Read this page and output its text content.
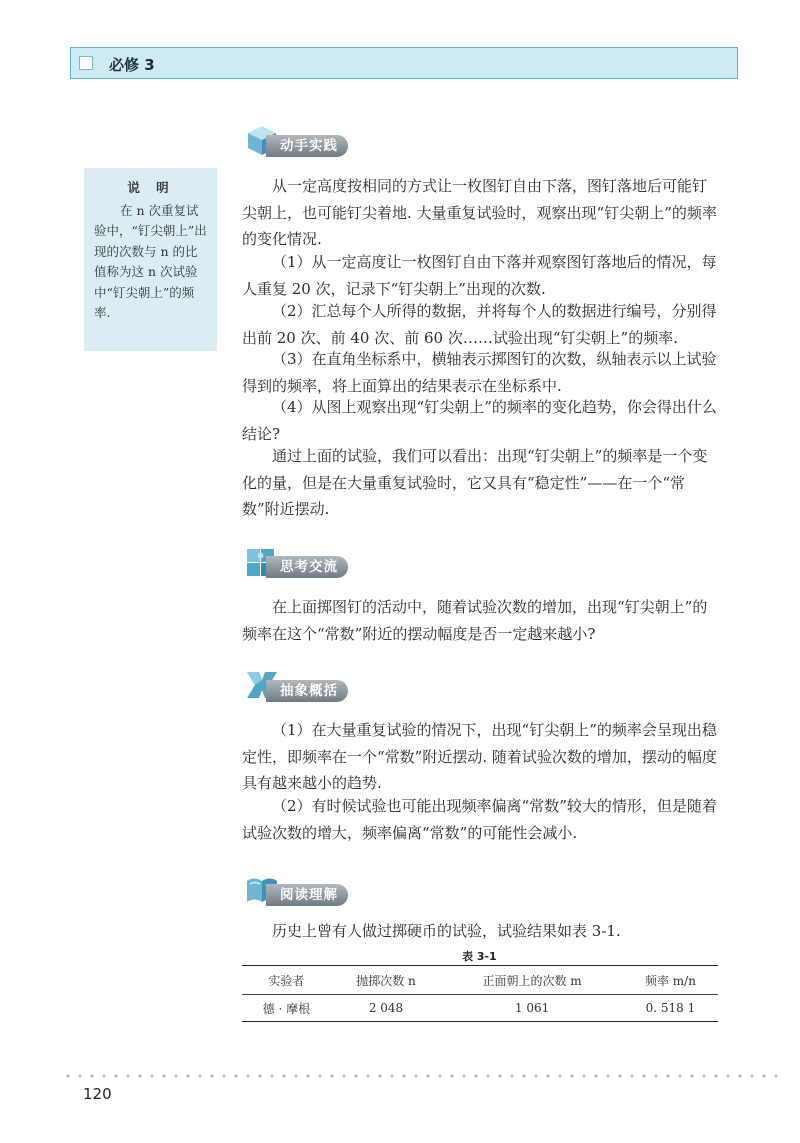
必修 3
说 明
在 n 次重复试验中，“钉尖朝上”出现的次数与 n 的比值称为这 n 次试验中“钉尖朝上”的频率.
动手实践

从一定高度按相同的方式让一枚图钉自由下落，图钉落地后可能钉尖朝上，也可能钉尖着地. 大量重复试验时，观察出现“钉尖朝上”的频率的变化情况.

（1）从一定高度让一枚图钉自由下落并观察图钉落地后的情况，每人重复 20 次，记录下“钉尖朝上”出现的次数.

（2）汇总每个人所得的数据，并将每个人的数据进行编号，分别得出前 20 次、前 40 次、前 60 次……试验出现“钉尖朝上”的频率.

（3）在直角坐标系中，横轴表示掷图钉的次数，纵轴表示以上试验得到的频率，将上面算出的结果表示在坐标系中.

（4）从图上观察出现“钉尖朝上”的频率的变化趋势，你会得出什么结论?

通过上面的试验，我们可以看出：出现“钉尖朝上”的频率是一个变化的量，但是在大量重复试验时，它又具有“稳定性”——在一个“常数”附近摆动.

思考交流

在上面掷图钉的活动中，随着试验次数的增加，出现“钉尖朝上”的频率在这个“常数”附近的摆动幅度是否一定越来越小?

抽象概括

（1）在大量重复试验的情况下，出现“钉尖朝上”的频率会呈现出稳定性，即频率在一个“常数”附近摆动. 随着试验次数的增加，摆动的幅度具有越来越小的趋势.

（2）有时候试验也可能出现频率偏离“常数”较大的情形，但是随着试验次数的增大，频率偏离“常数”的可能性会减小.

阅读理解

历史上曾有人做过掷硬币的试验，试验结果如表 3-1.

表 3-1
实验者	抛掷次数 n	正面朝上的次数 m	频率 m/n
德 · 摩根	2 048	1 061	0. 518 1
120
